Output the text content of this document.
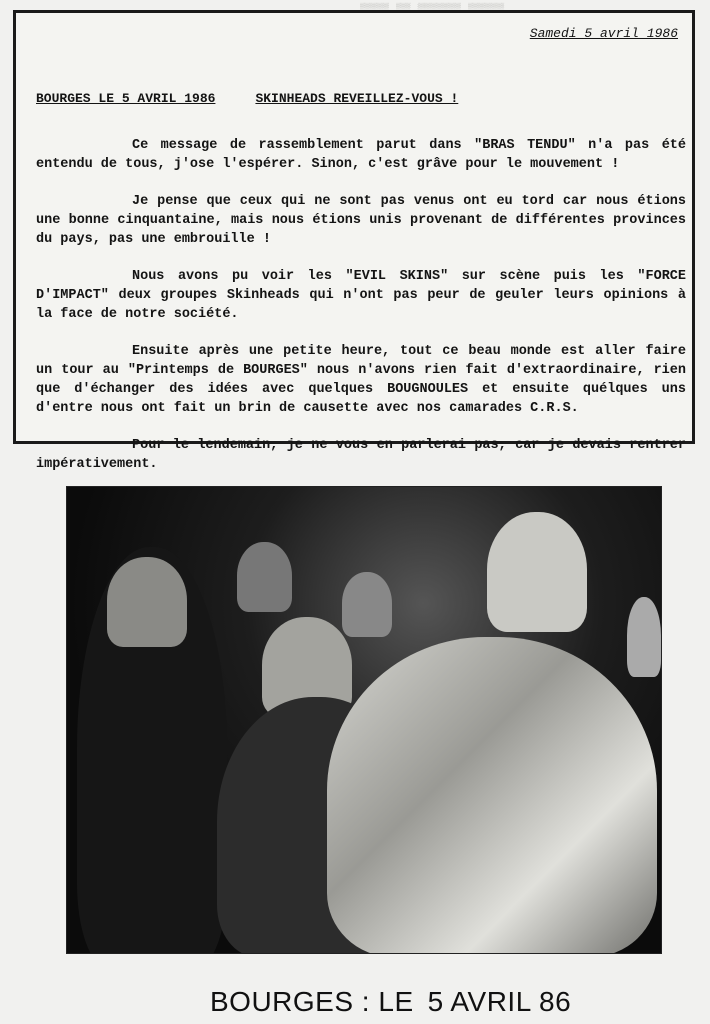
Samedi 5 avril 1986
BOURGES LE 5 AVRIL 1986	SKINHEADS REVEILLEZ-VOUS !

Ce message de rassemblement parut dans "BRAS TENDU" n'a pas été entendu de tous, j'ose l'espérer. Sinon, c'est grâve pour le mouvement !

Je pense que ceux qui ne sont pas venus ont eu tord car nous étions une bonne cinquantaine, mais nous étions unis provenant de différentes provinces du pays, pas une embrouille !

Nous avons pu voir les "EVIL SKINS" sur scène puis les "FORCE D'IMPACT" deux groupes Skinheads qui n'ont pas peur de geuler leurs opinions à la face de notre société.

Ensuite après une petite heure, tout ce beau monde est aller faire un tour au "Printemps de BOURGES" nous n'avons rien fait d'extraordinaire, rien que d'échanger des idées avec quelques BOUGNOULES et ensuite quélques uns d'entre nous ont fait un brin de causette avec nos camarades C.R.S.

Pour le lendemain, je ne vous en parlerai pas, car je devais rentrer impérativement.

BOURGES : LE 5 AVRIL 86
